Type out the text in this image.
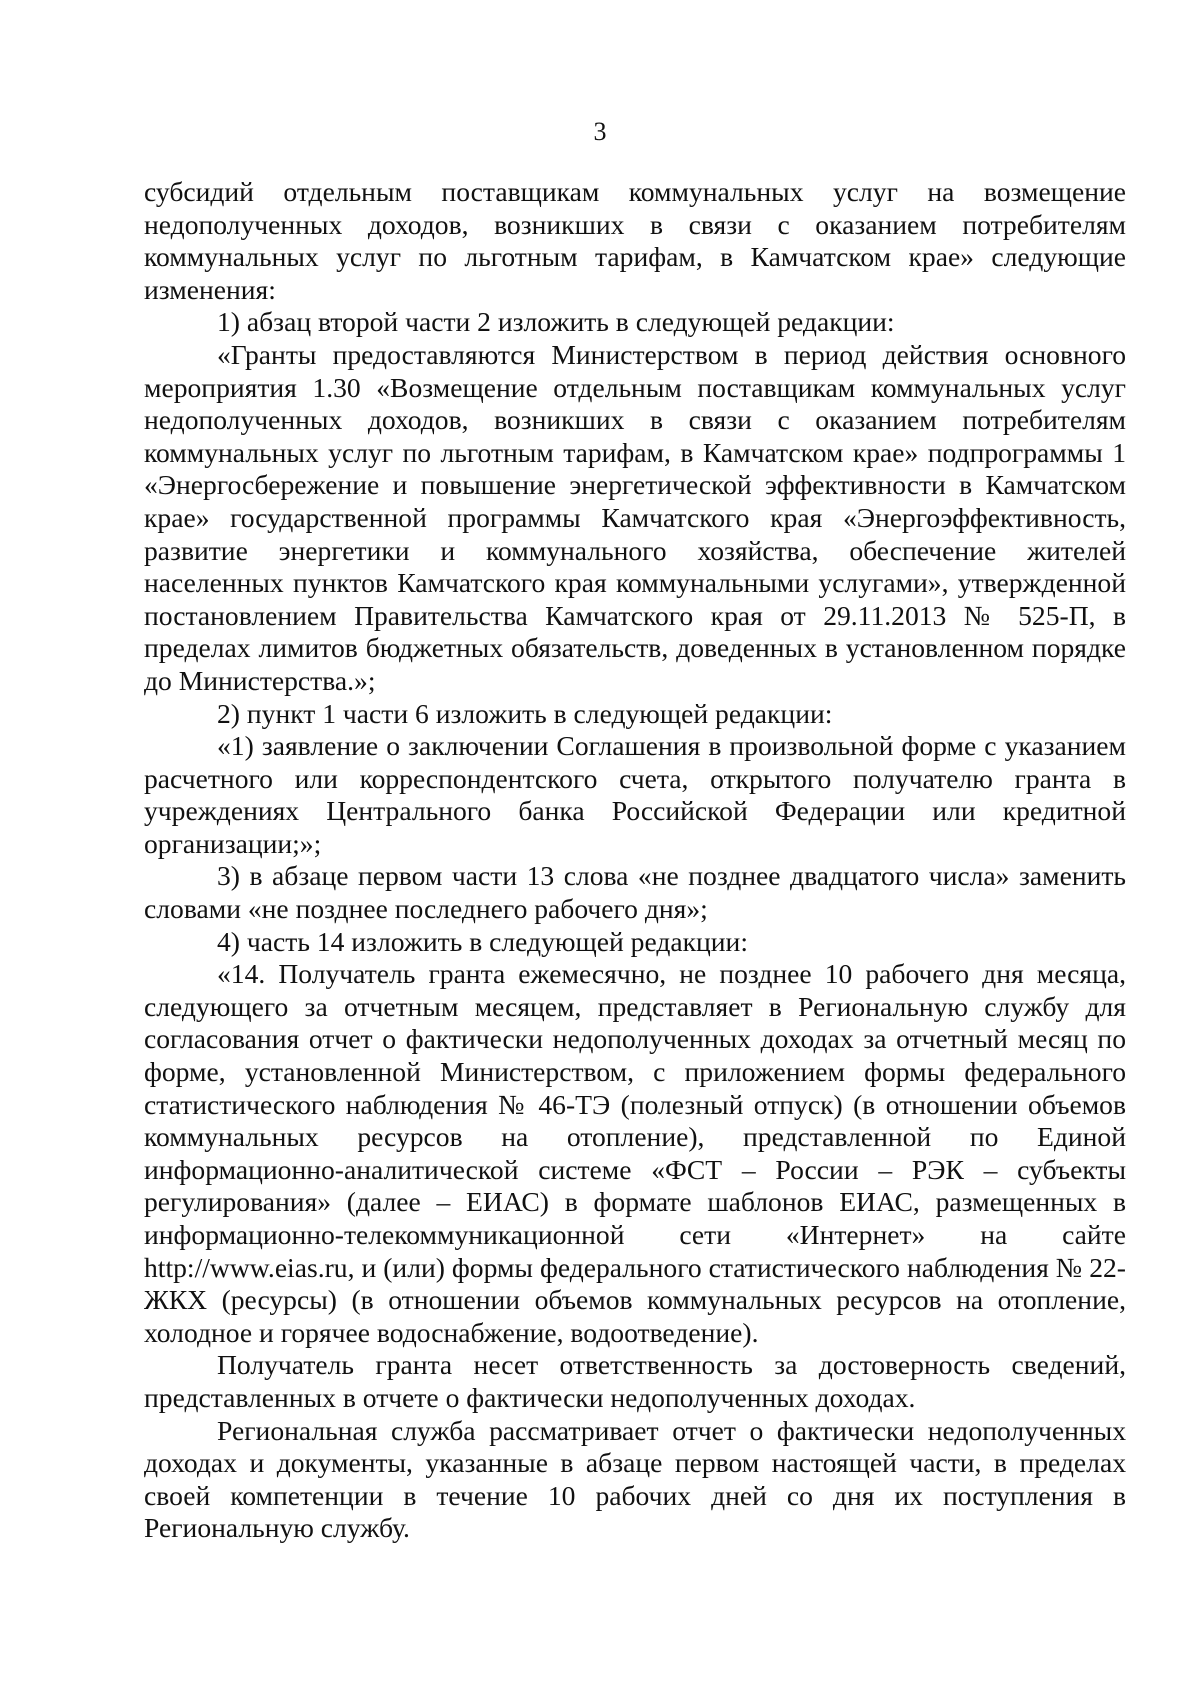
3

субсидий отдельным поставщикам коммунальных услуг на возмещение недополученных доходов, возникших в связи с оказанием потребителям коммунальных услуг по льготным тарифам, в Камчатском крае» следующие изменения:

1) абзац второй части 2 изложить в следующей редакции:

«Гранты предоставляются Министерством в период действия основного мероприятия 1.30 «Возмещение отдельным поставщикам коммунальных услуг недополученных доходов, возникших в связи с оказанием потребителям коммунальных услуг по льготным тарифам, в Камчатском крае» подпрограммы 1 «Энергосбережение и повышение энергетической эффективности в Камчатском крае» государственной программы Камчатского края «Энергоэффективность, развитие энергетики и коммунального хозяйства, обеспечение жителей населенных пунктов Камчатского края коммунальными услугами», утвержденной постановлением Правительства Камчатского края от 29.11.2013 № 525-П, в пределах лимитов бюджетных обязательств, доведенных в установленном порядке до Министерства.»;

2) пункт 1 части 6 изложить в следующей редакции:

«1) заявление о заключении Соглашения в произвольной форме с указанием расчетного или корреспондентского счета, открытого получателю гранта в учреждениях Центрального банка Российской Федерации или кредитной организации;»;

3) в абзаце первом части 13 слова «не позднее двадцатого числа» заменить словами «не позднее последнего рабочего дня»;

4) часть 14 изложить в следующей редакции:

«14. Получатель гранта ежемесячно, не позднее 10 рабочего дня месяца, следующего за отчетным месяцем, представляет в Региональную службу для согласования отчет о фактически недополученных доходах за отчетный месяц по форме, установленной Министерством, с приложением формы федерального статистического наблюдения № 46-ТЭ (полезный отпуск) (в отношении объемов коммунальных ресурсов на отопление), представленной по Единой информационно-аналитической системе «ФСТ – России – РЭК – субъекты регулирования» (далее – ЕИАС) в формате шаблонов ЕИАС, размещенных в информационно-телекоммуникационной сети «Интернет» на сайте http://www.eias.ru, и (или) формы федерального статистического наблюдения № 22-ЖКХ (ресурсы) (в отношении объемов коммунальных ресурсов на отопление, холодное и горячее водоснабжение, водоотведение).

Получатель гранта несет ответственность за достоверность сведений, представленных в отчете о фактически недополученных доходах.

Региональная служба рассматривает отчет о фактически недополученных доходах и документы, указанные в абзаце первом настоящей части, в пределах своей компетенции в течение 10 рабочих дней со дня их поступления в Региональную службу.
